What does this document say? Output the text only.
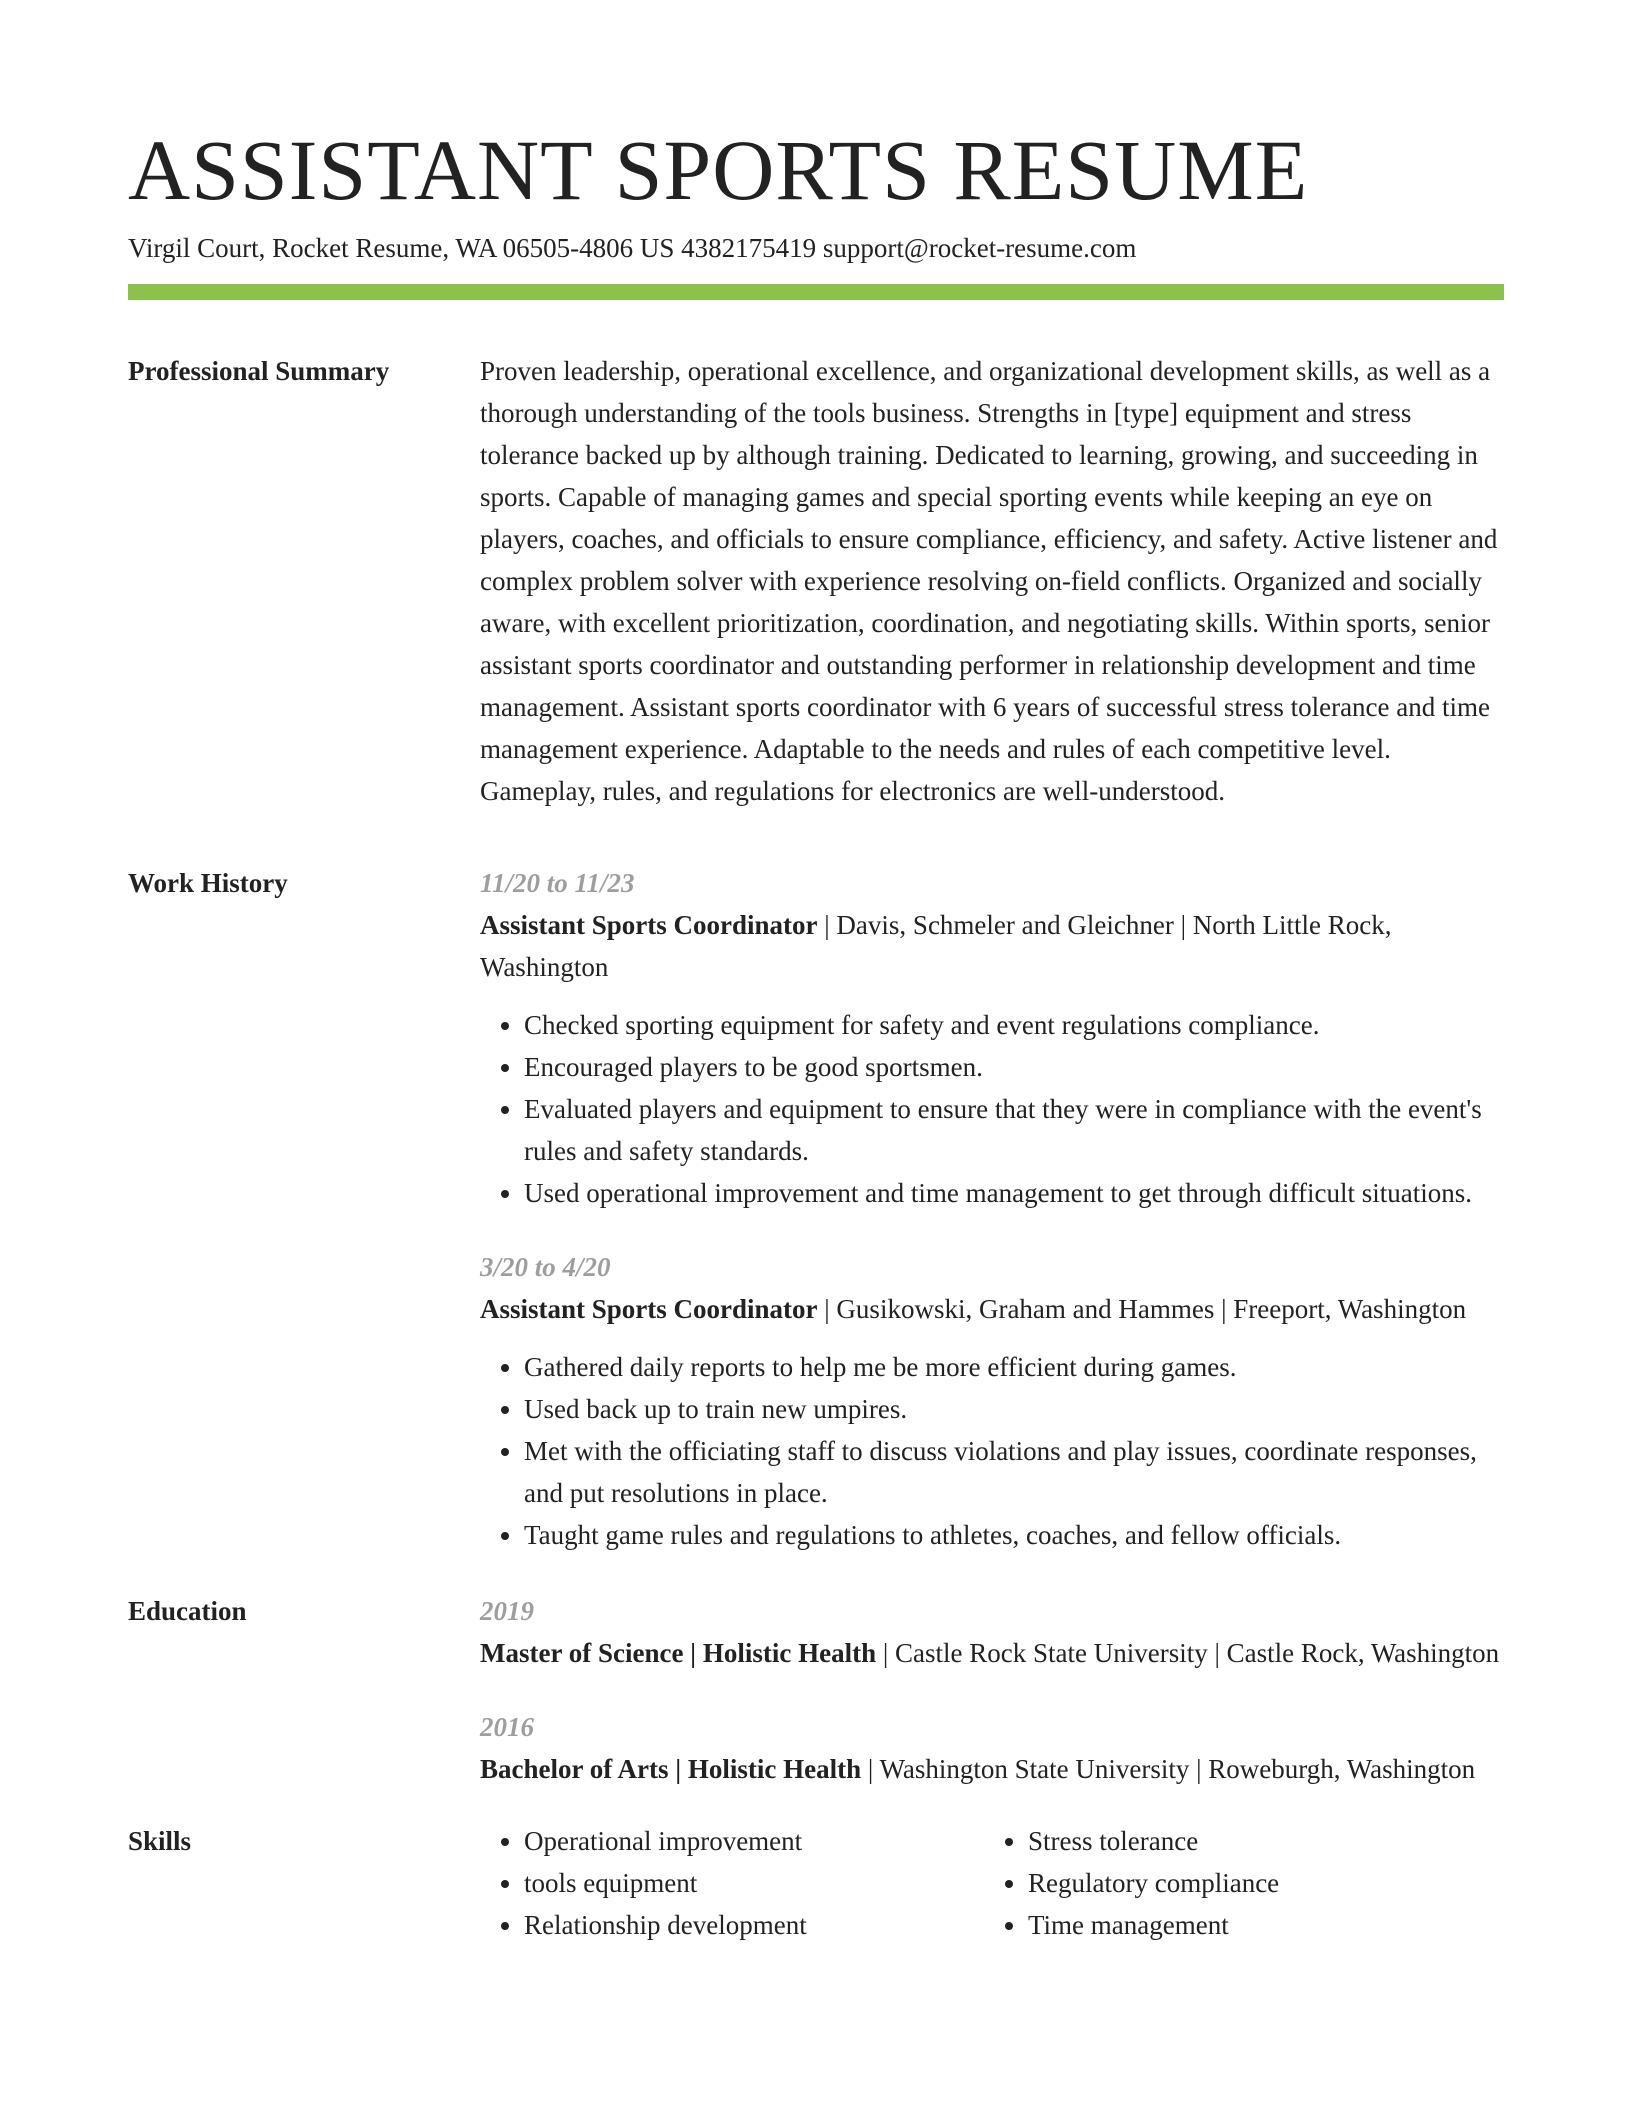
ASSISTANT SPORTS RESUME
Virgil Court, Rocket Resume, WA 06505-4806 US 4382175419 support@rocket-resume.com
Professional Summary	Proven leadership, operational excellence, and organizational development skills, as well as a thorough understanding of the tools business. Strengths in [type] equipment and stress tolerance backed up by although training. Dedicated to learning, growing, and succeeding in sports. Capable of managing games and special sporting events while keeping an eye on players, coaches, and officials to ensure compliance, efficiency, and safety. Active listener and complex problem solver with experience resolving on-field conflicts. Organized and socially aware, with excellent prioritization, coordination, and negotiating skills. Within sports, senior assistant sports coordinator and outstanding performer in relationship development and time management. Assistant sports coordinator with 6 years of successful stress tolerance and time management experience. Adaptable to the needs and rules of each competitive level. Gameplay, rules, and regulations for electronics are well-understood.

Work History	11/20 to 11/23
Assistant Sports Coordinator | Davis, Schmeler and Gleichner | North Little Rock, Washington
• Checked sporting equipment for safety and event regulations compliance.
• Encouraged players to be good sportsmen.
• Evaluated players and equipment to ensure that they were in compliance with the event's rules and safety standards.
• Used operational improvement and time management to get through difficult situations.
3/20 to 4/20
Assistant Sports Coordinator | Gusikowski, Graham and Hammes | Freeport, Washington
• Gathered daily reports to help me be more efficient during games.
• Used back up to train new umpires.
• Met with the officiating staff to discuss violations and play issues, coordinate responses, and put resolutions in place.
• Taught game rules and regulations to athletes, coaches, and fellow officials.
Education	2019
Master of Science | Holistic Health | Castle Rock State University | Castle Rock, Washington
2016
Bachelor of Arts | Holistic Health | Washington State University | Roweburgh, Washington
Skills
•	Operational improvement
• tools equipment
• Relationship development
• Stress tolerance
• Regulatory compliance
• Time management
